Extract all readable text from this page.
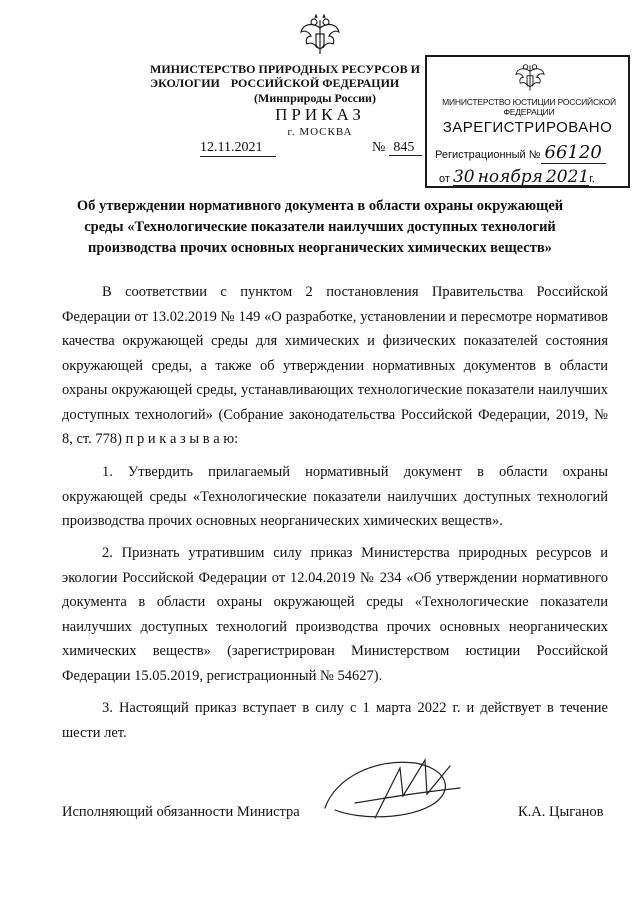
МИНИСТЕРСТВО ПРИРОДНЫХ РЕСУРСОВ И ЭКОЛОГИИ РОССИЙСКОЙ ФЕДЕРАЦИИ
(Минприроды России)
ПРИКАЗ
г. МОСКВА
12.11.2021	№ 845
МИНИСТЕРСТВО ЮСТИЦИИ РОССИЙСКОЙ ФЕДЕРАЦИИ
ЗАРЕГИСТРИРОВАНО
Регистрационный № 66120
от 30 ноября 2021г.
Об утверждении нормативного документа в области охраны окружающей среды «Технологические показатели наилучших доступных технологий производства прочих основных неорганических химических веществ»
В соответствии с пунктом 2 постановления Правительства Российской Федерации от 13.02.2019 № 149 «О разработке, установлении и пересмотре нормативов качества окружающей среды для химических и физических показателей состояния окружающей среды, а также об утверждении нормативных документов в области охраны окружающей среды, устанавливающих технологические показатели наилучших доступных технологий» (Собрание законодательства Российской Федерации, 2019, № 8, ст. 778) п р и к а з ы в а ю:
1. Утвердить прилагаемый нормативный документ в области охраны окружающей среды «Технологические показатели наилучших доступных технологий производства прочих основных неорганических химических веществ».
2. Признать утратившим силу приказ Министерства природных ресурсов и экологии Российской Федерации от 12.04.2019 № 234 «Об утверждении нормативного документа в области охраны окружающей среды «Технологические показатели наилучших доступных технологий производства прочих основных неорганических химических веществ» (зарегистрирован Министерством юстиции Российской Федерации 15.05.2019, регистрационный № 54627).
3. Настоящий приказ вступает в силу с 1 марта 2022 г. и действует в течение шести лет.
Исполняющий обязанности Министра	К.А. Цыганов
